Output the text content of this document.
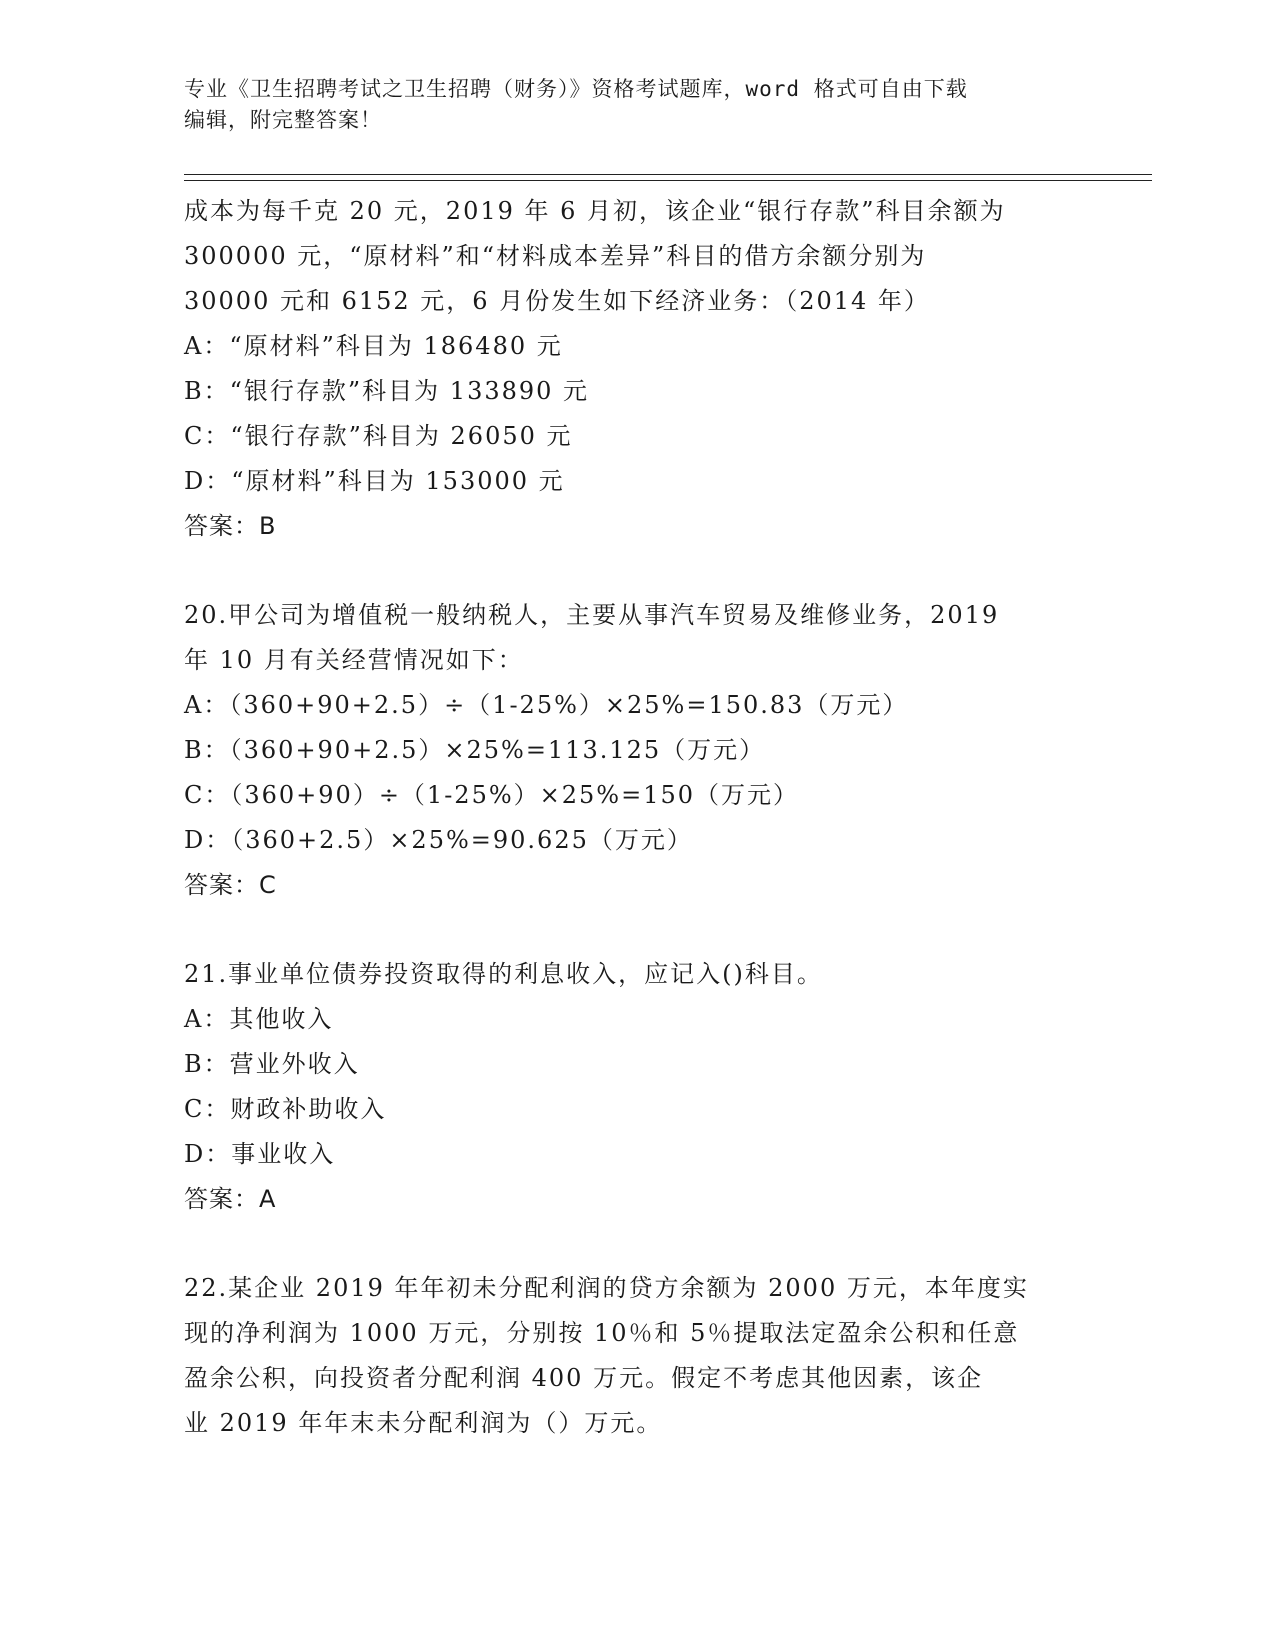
专业《卫生招聘考试之卫生招聘（财务）》资格考试题库，word 格式可自由下载
编辑，附完整答案！
成本为每千克 20 元，2019 年 6 月初，该企业“银行存款”科目余额为
300000 元，“原材料”和“材料成本差异”科目的借方余额分别为
30000 元和 6152 元，6 月份发生如下经济业务：（2014 年）
A：“原材料”科目为 186480 元
B：“银行存款”科目为 133890 元
C：“银行存款”科目为 26050 元
D：“原材料”科目为 153000 元
答案：B
20.甲公司为增值税一般纳税人，主要从事汽车贸易及维修业务，2019
年 10 月有关经营情况如下：
A：（360+90+2.5）÷（1-25%）×25%=150.83（万元）
B：（360+90+2.5）×25%=113.125（万元）
C：（360+90）÷（1-25%）×25%=150（万元）
D：（360+2.5）×25%=90.625（万元）
答案：C
21.事业单位债券投资取得的利息收入，应记入()科目。
A：其他收入
B：营业外收入
C：财政补助收入
D：事业收入
答案：A
22.某企业 2019 年年初未分配利润的贷方余额为 2000 万元，本年度实
现的净利润为 1000 万元，分别按 10％和 5％提取法定盈余公积和任意
盈余公积，向投资者分配利润 400 万元。假定不考虑其他因素，该企
业 2019 年年末未分配利润为（）万元。
